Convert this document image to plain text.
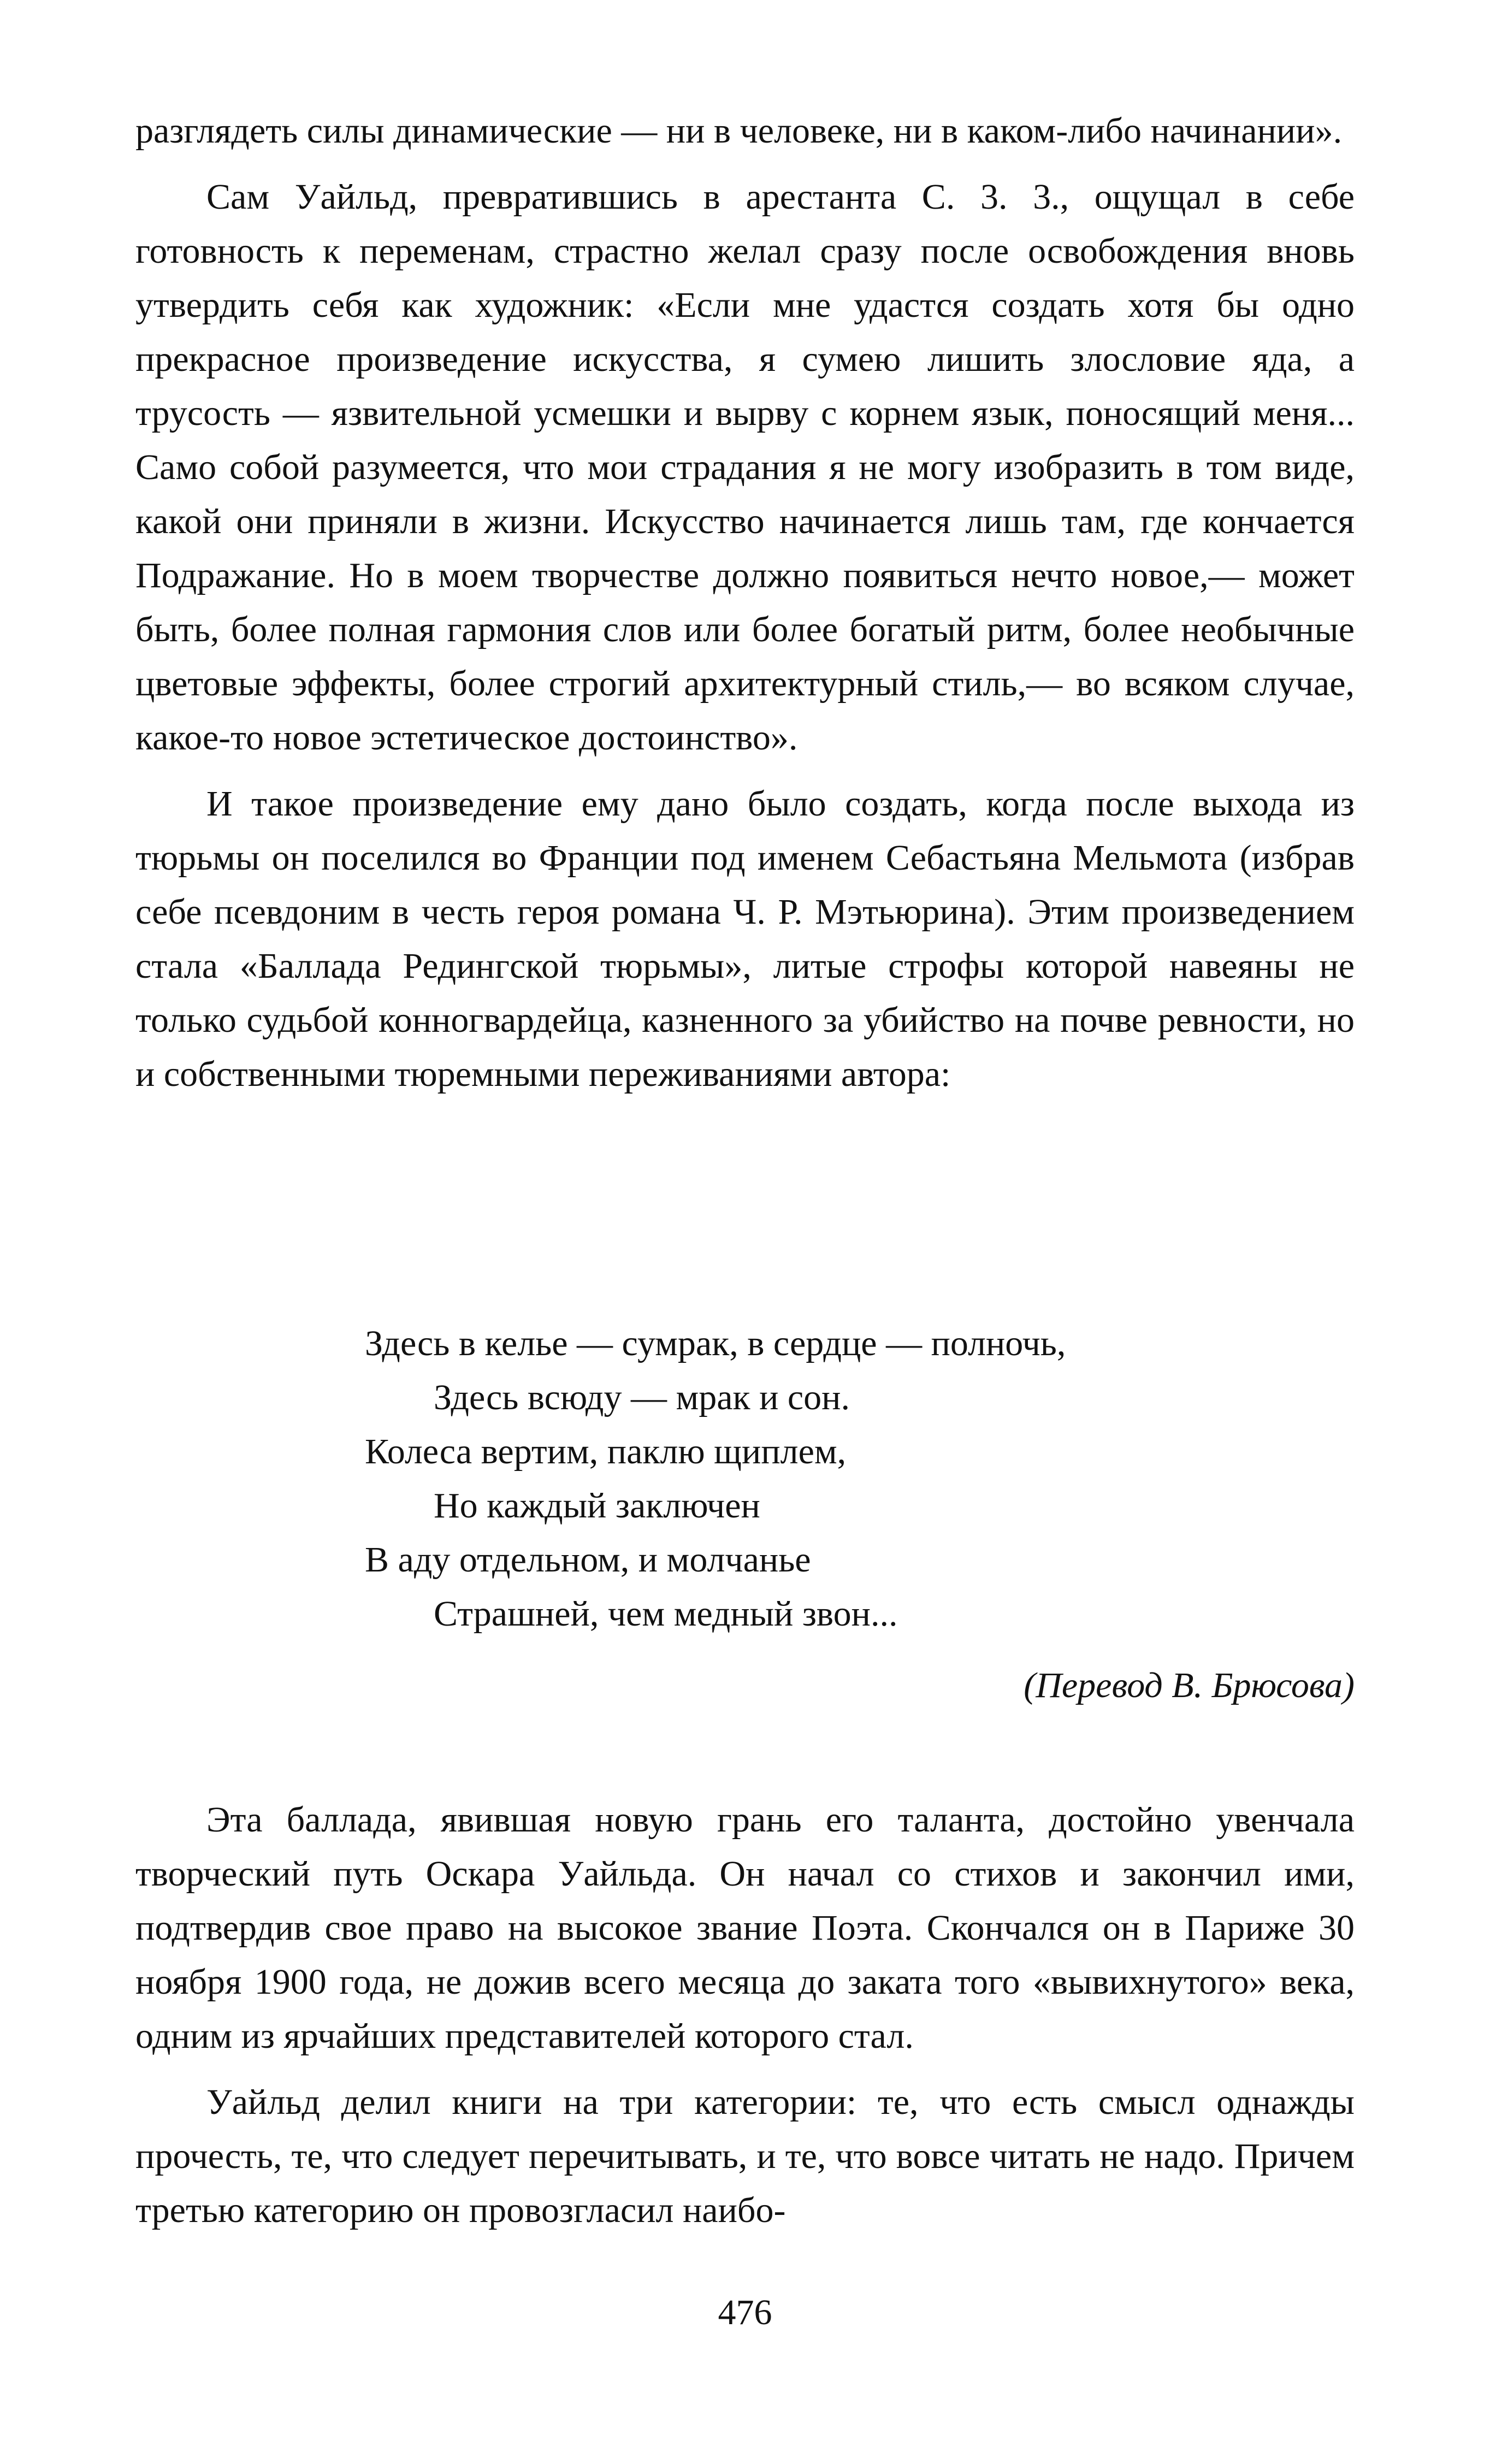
разглядеть силы динамические — ни в человеке, ни в каком-либо начинании».

Сам Уайльд, превратившись в арестанта С. 3. 3., ощущал в себе готовность к переменам, страстно желал сразу после освобождения вновь утвердить себя как художник: «Если мне удастся создать хотя бы одно прекрасное произведение искусства, я сумею лишить злословие яда, а трусость — язвительной усмешки и вырву с корнем язык, поносящий меня... Само собой разумеется, что мои страдания я не могу изобразить в том виде, какой они приняли в жизни. Искусство начинается лишь там, где кончается Подражание. Но в моем творчестве должно появиться нечто новое,— может быть, более полная гармония слов или более богатый ритм, более необычные цветовые эффекты, более строгий архитектурный стиль,— во всяком случае, какое-то новое эстетическое достоинство».

И такое произведение ему дано было создать, когда после выхода из тюрьмы он поселился во Франции под именем Себастьяна Мельмота (избрав себе псевдоним в честь героя романа Ч. Р. Мэтьюрина). Этим произведением стала «Баллада Редингской тюрьмы», литые строфы которой навеяны не только судьбой конногвардейца, казненного за убийство на почве ревности, но и собственными тюремными переживаниями автора:

Здесь в келье — сумрак, в сердце — полночь,
Здесь всюду — мрак и сон.
Колеса вертим, паклю щиплем,
Но каждый заключен
В аду отдельном, и молчанье
Страшней, чем медный звон...
(Перевод В. Брюсова)

Эта баллада, явившая новую грань его таланта, достойно увенчала творческий путь Оскара Уайльда. Он начал со стихов и закончил ими, подтвердив свое право на высокое звание Поэта. Скончался он в Париже 30 ноября 1900 года, не дожив всего месяца до заката того «вывихнутого» века, одним из ярчайших представителей которого стал.

Уайльд делил книги на три категории: те, что есть смысл однажды прочесть, те, что следует перечитывать, и те, что вовсе читать не надо. Причем третью категорию он провозгласил наибо-

476
